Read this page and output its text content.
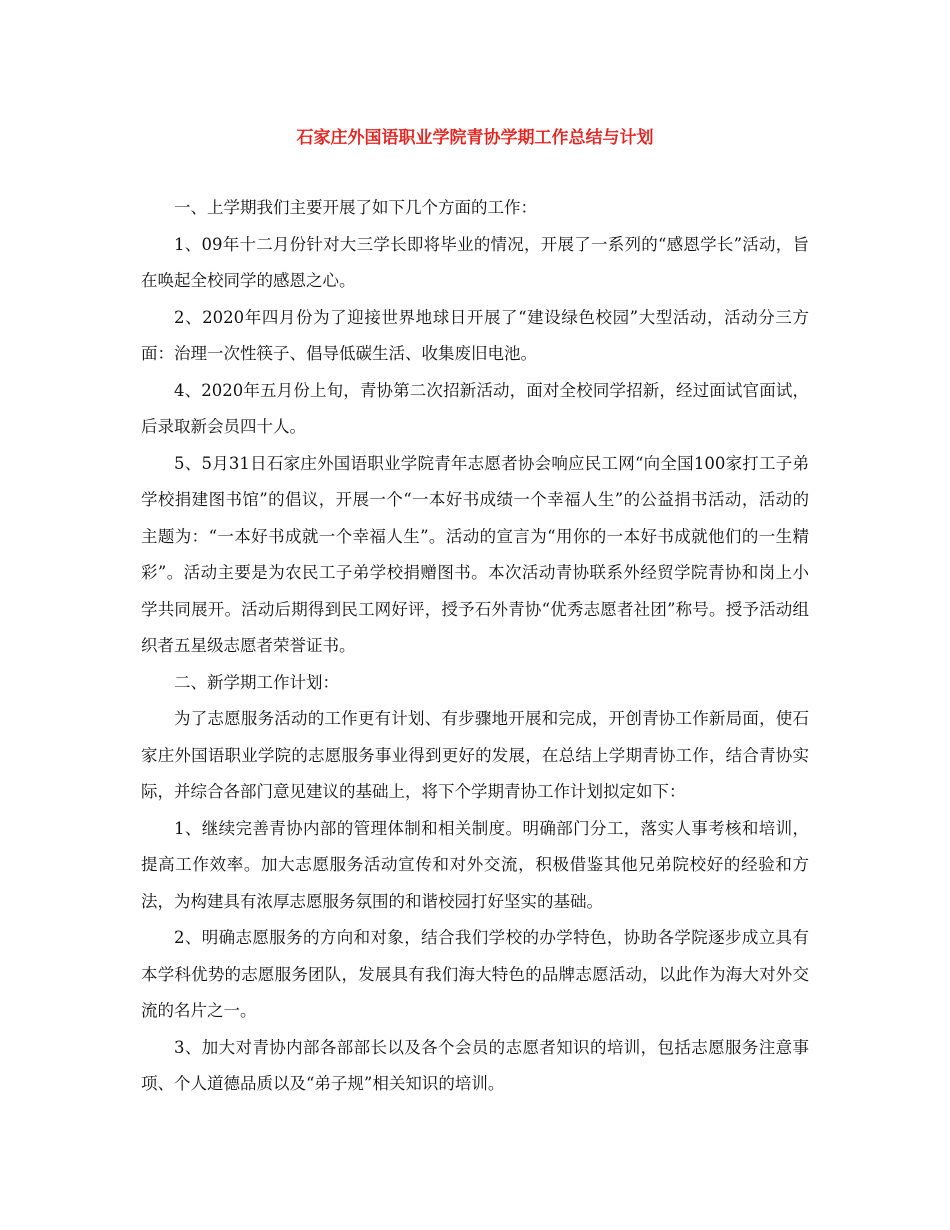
石家庄外国语职业学院青协学期工作总结与计划

一、上学期我们主要开展了如下几个方面的工作：

1、09年十二月份针对大三学长即将毕业的情况，开展了一系列的“感恩学长”活动，旨在唤起全校同学的感恩之心。

2、2020年四月份为了迎接世界地球日开展了“建设绿色校园”大型活动，活动分三方面：治理一次性筷子、倡导低碳生活、收集废旧电池。

4、2020年五月份上旬，青协第二次招新活动，面对全校同学招新，经过面试官面试，后录取新会员四十人。

5、5月31日石家庄外国语职业学院青年志愿者协会响应民工网“向全国100家打工子弟学校捐建图书馆”的倡议，开展一个“一本好书成绩一个幸福人生”的公益捐书活动，活动的主题为：“一本好书成就一个幸福人生”。活动的宣言为“用你的一本好书成就他们的一生精彩”。活动主要是为农民工子弟学校捐赠图书。本次活动青协联系外经贸学院青协和岗上小学共同展开。活动后期得到民工网好评，授予石外青协“优秀志愿者社团”称号。授予活动组织者五星级志愿者荣誉证书。

二、新学期工作计划：

为了志愿服务活动的工作更有计划、有步骤地开展和完成，开创青协工作新局面，使石家庄外国语职业学院的志愿服务事业得到更好的发展，在总结上学期青协工作，结合青协实际，并综合各部门意见建议的基础上，将下个学期青协工作计划拟定如下：

1、继续完善青协内部的管理体制和相关制度。明确部门分工，落实人事考核和培训，提高工作效率。加大志愿服务活动宣传和对外交流，积极借鉴其他兄弟院校好的经验和方法，为构建具有浓厚志愿服务氛围的和谐校园打好坚实的基础。

2、明确志愿服务的方向和对象，结合我们学校的办学特色，协助各学院逐步成立具有本学科优势的志愿服务团队，发展具有我们海大特色的品牌志愿活动，以此作为海大对外交流的名片之一。

3、加大对青协内部各部部长以及各个会员的志愿者知识的培训，包括志愿服务注意事项、个人道德品质以及“弟子规”相关知识的培训。
